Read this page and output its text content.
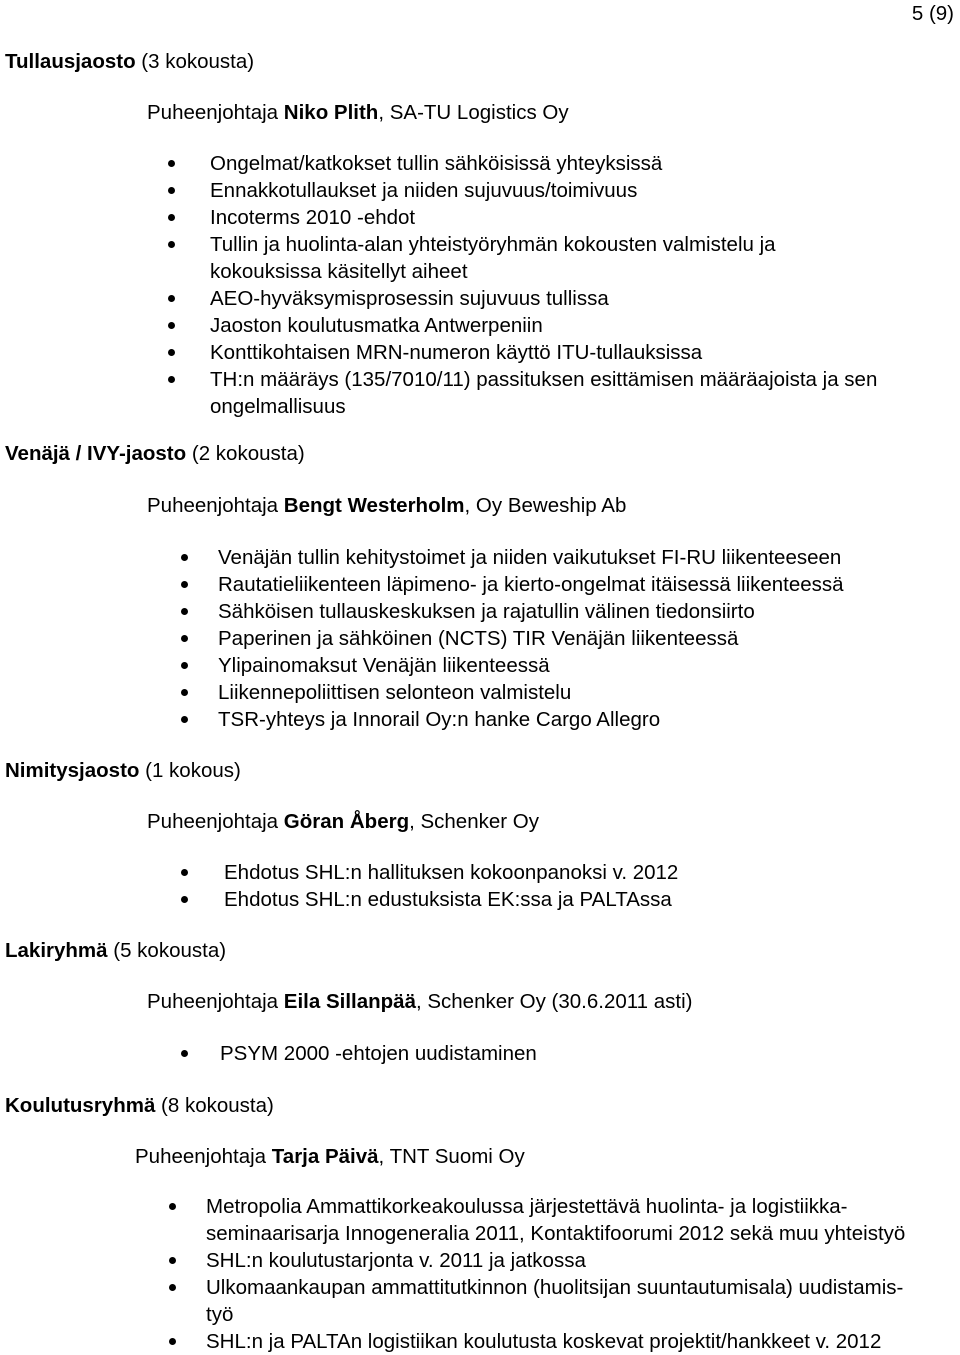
5 (9)
Tullausjaosto (3 kokousta)
Puheenjohtaja Niko Plith, SA-TU Logistics Oy
Ongelmat/katkokset tullin sähköisissä yhteyksissä
Ennakkotullaukset ja niiden sujuvuus/toimivuus
Incoterms 2010 -ehdot
Tullin ja huolinta-alan yhteistyöryhmän kokousten valmistelu ja
kokouksissa käsitellyt aiheet
AEO-hyväksymisprosessin sujuvuus tullissa
Jaoston koulutusmatka Antwerpeniin
Konttikohtaisen MRN-numeron käyttö ITU-tullauksissa
TH:n määräys (135/7010/11) passituksen esittämisen määräajoista ja sen
ongelmallisuus
Venäjä / IVY-jaosto (2 kokousta)
Puheenjohtaja Bengt Westerholm, Oy Beweship Ab
Venäjän tullin kehitystoimet ja niiden vaikutukset FI-RU liikenteeseen
Rautatieliikenteen läpimeno- ja kierto-ongelmat itäisessä liikenteessä
Sähköisen tullauskeskuksen ja rajatullin välinen tiedonsiirto
Paperinen ja sähköinen (NCTS) TIR Venäjän liikenteessä
Ylipainomaksut Venäjän liikenteessä
Liikennepoliittisen selonteon valmistelu
TSR-yhteys ja Innorail Oy:n hanke Cargo Allegro
Nimitysjaosto (1 kokous)
Puheenjohtaja Göran Åberg, Schenker Oy
Ehdotus SHL:n hallituksen kokoonpanoksi v. 2012
Ehdotus SHL:n edustuksista EK:ssa ja PALTAssa
Lakiryhmä (5 kokousta)
Puheenjohtaja Eila Sillanpää, Schenker Oy (30.6.2011 asti)
PSYM 2000 -ehtojen uudistaminen
Koulutusryhmä (8 kokousta)
Puheenjohtaja Tarja Päivä, TNT Suomi Oy
Metropolia Ammattikorkeakoulussa järjestettävä huolinta- ja logistiikka-
seminaarisarja Innogeneralia 2011, Kontaktifoorumi 2012 sekä muu yhteistyö
SHL:n koulutustarjonta v. 2011 ja jatkossa
Ulkomaankaupan ammattitutkinnon (huolitsijan suuntautumisala) uudistamis-
työ
SHL:n ja PALTAn logistiikan koulutusta koskevat projektit/hankkeet v. 2012
